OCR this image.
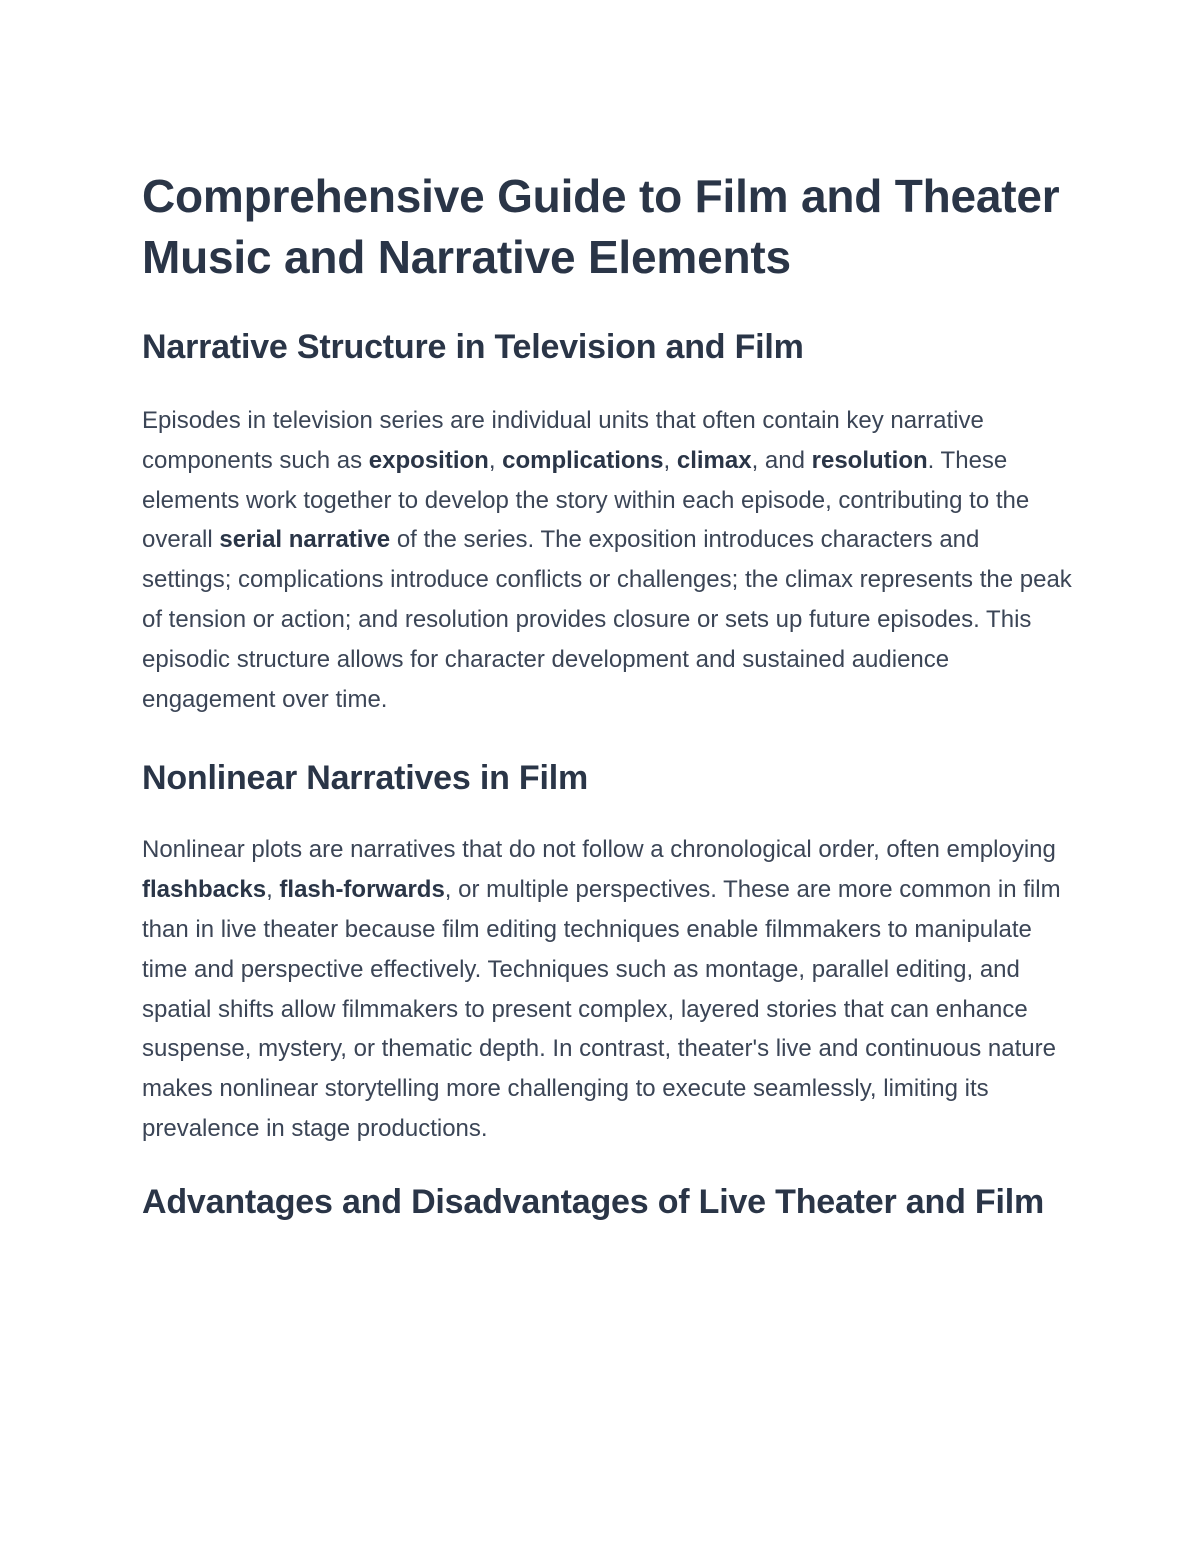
Comprehensive Guide to Film and Theater Music and Narrative Elements
Narrative Structure in Television and Film

Episodes in television series are individual units that often contain key narrative components such as exposition, complications, climax, and resolution. These elements work together to develop the story within each episode, contributing to the overall serial narrative of the series. The exposition introduces characters and settings; complications introduce conflicts or challenges; the climax represents the peak of tension or action; and resolution provides closure or sets up future episodes. This episodic structure allows for character development and sustained audience engagement over time.

Nonlinear Narratives in Film

Nonlinear plots are narratives that do not follow a chronological order, often employing flashbacks, flash-forwards, or multiple perspectives. These are more common in film than in live theater because film editing techniques enable filmmakers to manipulate time and perspective effectively. Techniques such as montage, parallel editing, and spatial shifts allow filmmakers to present complex, layered stories that can enhance suspense, mystery, or thematic depth. In contrast, theater's live and continuous nature makes nonlinear storytelling more challenging to execute seamlessly, limiting its prevalence in stage productions.

Advantages and Disadvantages of Live Theater and Film
